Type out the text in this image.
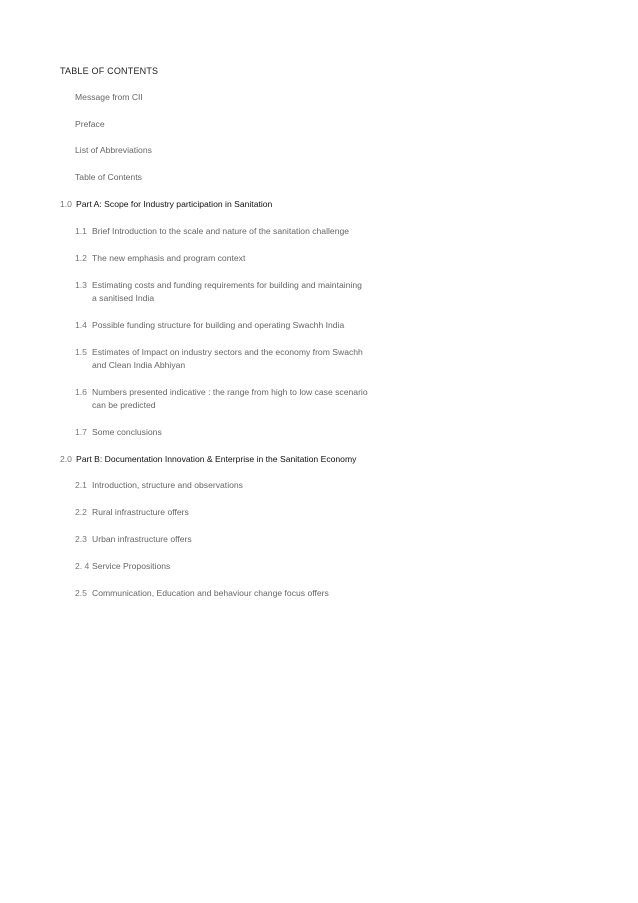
TABLE OF CONTENTS
Message from CII
Preface
List of Abbreviations
Table of Contents
1.0 Part A: Scope for Industry participation in Sanitation
1.1 Brief Introduction to the scale and nature of the sanitation challenge
1.2 The new emphasis and program context
1.3 Estimating costs and funding requirements for building and maintaining
a sanitised India
1.4 Possible funding structure for building and operating Swachh India
1.5 Estimates of Impact on industry sectors and the economy from Swachh
and Clean India Abhiyan
1.6 Numbers presented indicative : the range from high to low case scenario
can be predicted
1.7 Some conclusions
2.0 Part B: Documentation Innovation & Enterprise in the Sanitation Economy
2.1 Introduction, structure and observations
2.2 Rural infrastructure offers
2.3 Urban infrastructure offers
2. 4 Service Propositions
2.5 Communication, Education and behaviour change focus offers
